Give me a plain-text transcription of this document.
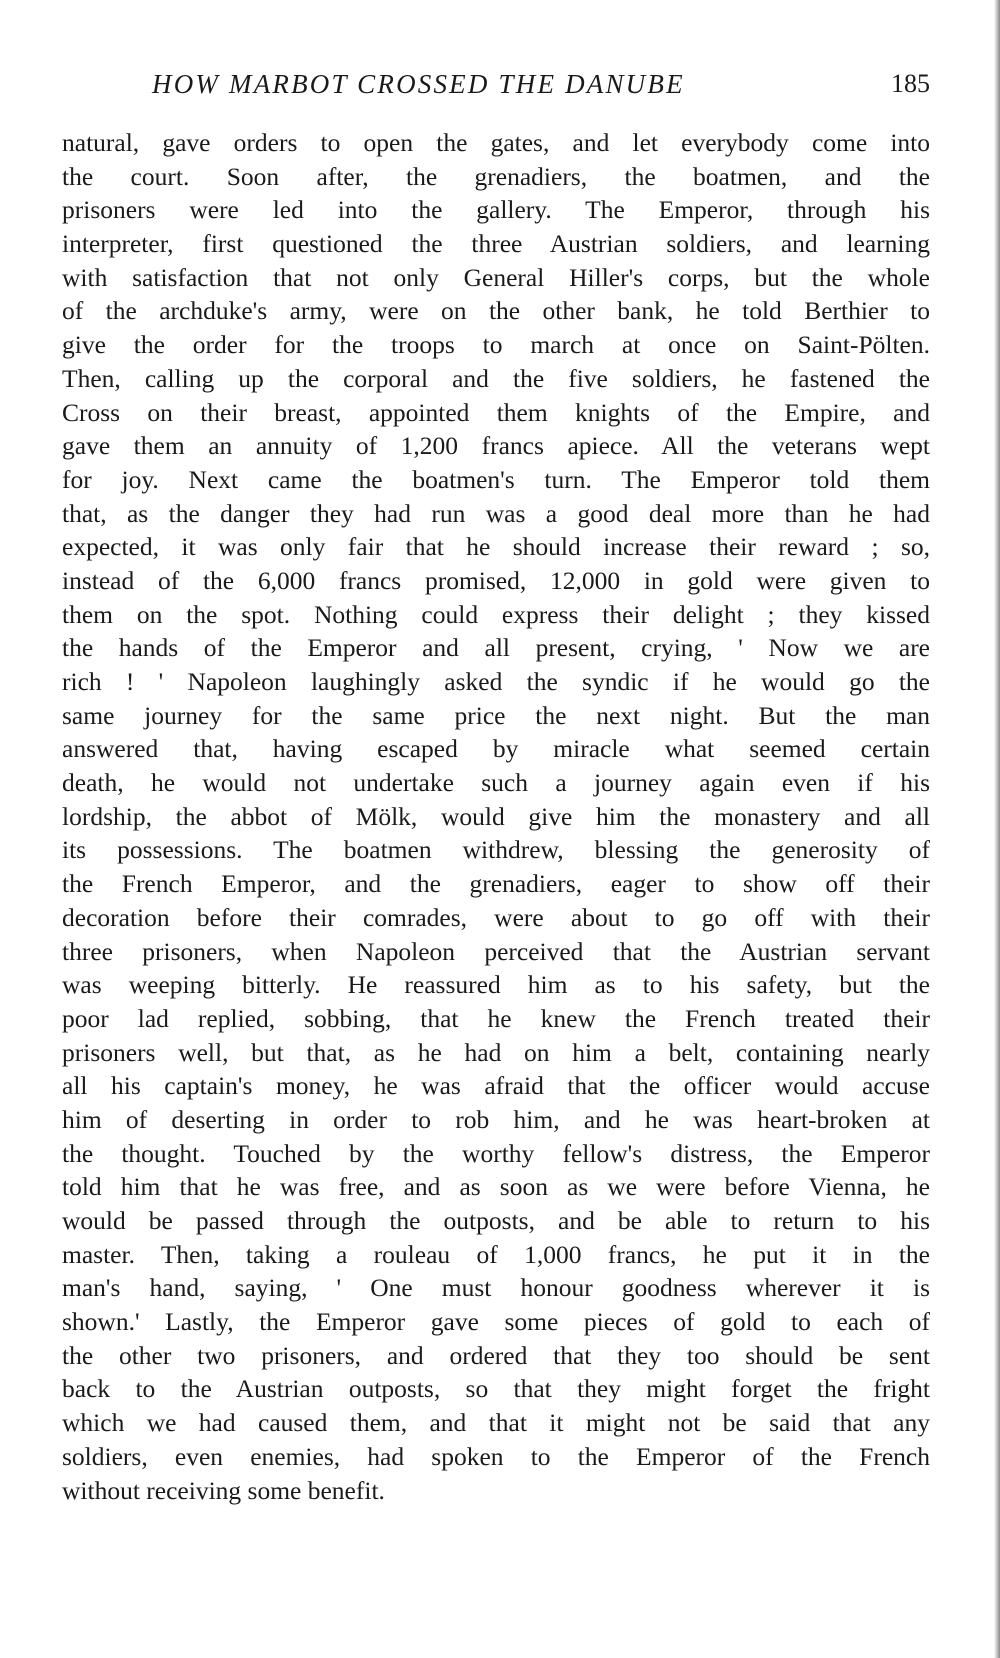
HOW MARBOT CROSSED THE DANUBE	185
natural, gave orders to open the gates, and let everybody come into
the court. Soon after, the grenadiers, the boatmen, and the
prisoners were led into the gallery. The Emperor, through his
interpreter, first questioned the three Austrian soldiers, and learning
with satisfaction that not only General Hiller's corps, but the whole
of the archduke's army, were on the other bank, he told Berthier to
give the order for the troops to march at once on Saint-Pölten.
Then, calling up the corporal and the five soldiers, he fastened the
Cross on their breast, appointed them knights of the Empire, and
gave them an annuity of 1,200 francs apiece. All the veterans wept
for joy. Next came the boatmen's turn. The Emperor told them
that, as the danger they had run was a good deal more than he had
expected, it was only fair that he should increase their reward ; so,
instead of the 6,000 francs promised, 12,000 in gold were given to
them on the spot. Nothing could express their delight ; they kissed
the hands of the Emperor and all present, crying, ' Now we are
rich ! ' Napoleon laughingly asked the syndic if he would go the
same journey for the same price the next night. But the man
answered that, having escaped by miracle what seemed certain
death, he would not undertake such a journey again even if his
lordship, the abbot of Mölk, would give him the monastery and all
its possessions. The boatmen withdrew, blessing the generosity of
the French Emperor, and the grenadiers, eager to show off their
decoration before their comrades, were about to go off with their
three prisoners, when Napoleon perceived that the Austrian servant
was weeping bitterly. He reassured him as to his safety, but the
poor lad replied, sobbing, that he knew the French treated their
prisoners well, but that, as he had on him a belt, containing nearly
all his captain's money, he was afraid that the officer would accuse
him of deserting in order to rob him, and he was heart-broken at
the thought. Touched by the worthy fellow's distress, the Emperor
told him that he was free, and as soon as we were before Vienna, he
would be passed through the outposts, and be able to return to his
master. Then, taking a rouleau of 1,000 francs, he put it in the
man's hand, saying, ' One must honour goodness wherever it is
shown.' Lastly, the Emperor gave some pieces of gold to each of
the other two prisoners, and ordered that they too should be sent
back to the Austrian outposts, so that they might forget the fright
which we had caused them, and that it might not be said that any
soldiers, even enemies, had spoken to the Emperor of the French
without receiving some benefit.
